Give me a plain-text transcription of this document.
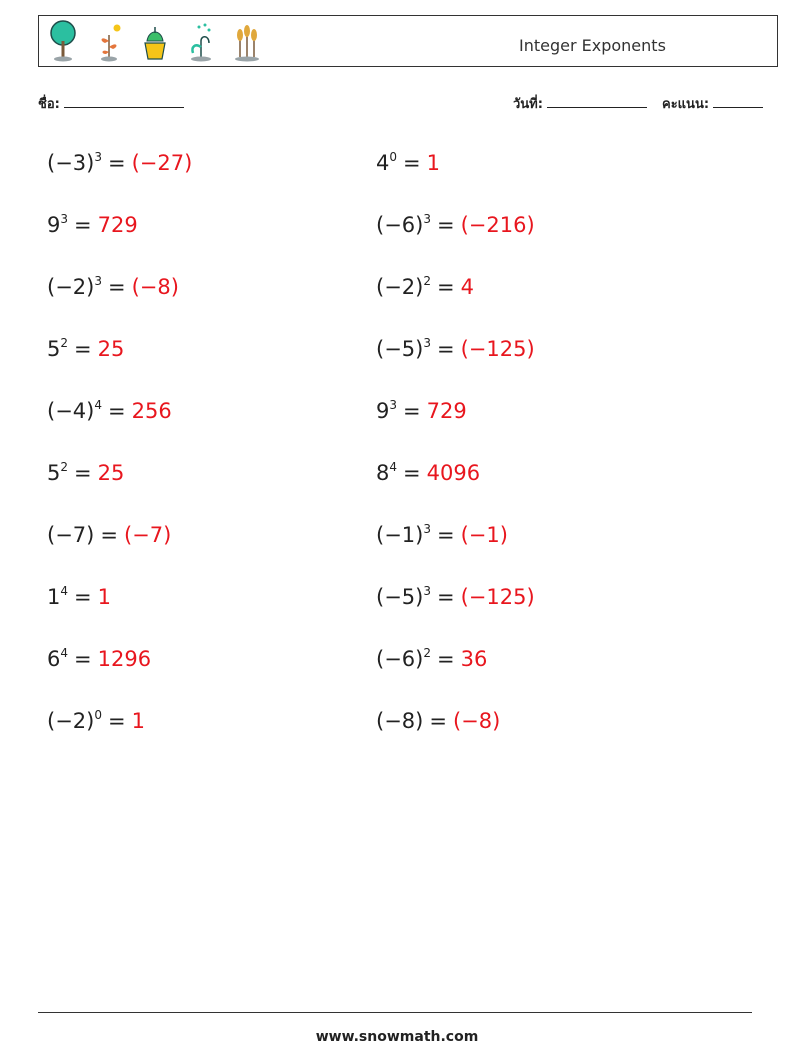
Integer Exponents
ชื่อ:	วันที่:	คะแนน:
$(-3)^3 = (-27)$	$4^0 = 1$
$9^3 = 729$	$(-6)^3 = (-216)$
$(-2)^3 = (-8)$	$(-2)^2 = 4$
$5^2 = 25$	$(-5)^3 = (-125)$
$(-4)^4 = 256$	$9^3 = 729$
$5^2 = 25$	$8^4 = 4096$
(−7) = (−7)	$(-1)^3 = (-1)$
$1^4 = 1$	$(-5)^3 = (-125)$
$6^4 = 1296$	$(-6)^2 = 36$
$(-2)^0 = 1$	(−8) = (−8)
www.snowmath.com
